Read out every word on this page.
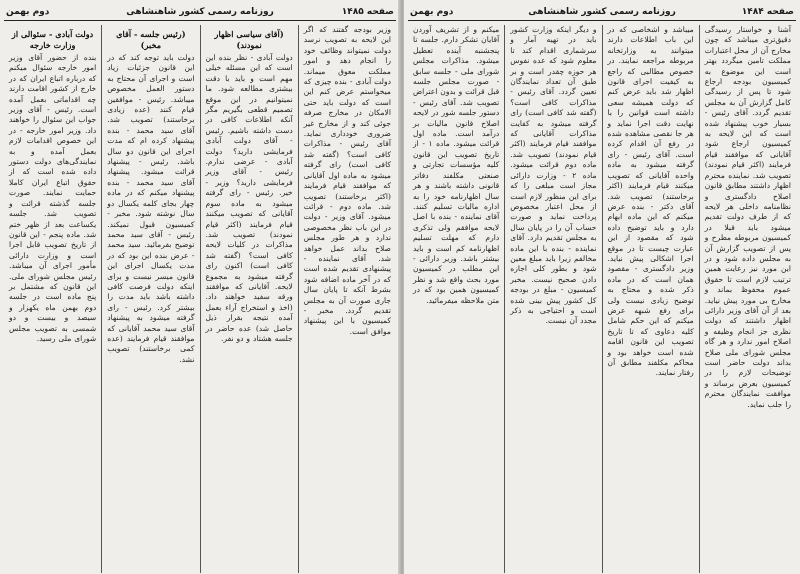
صفحه ۱۴۸۵
روزنامه رسمی کشور شاهنشاهی
دوم بهمن
وزیر بودجه گفتند که اگر این لایحه به تصویب نرسد دولت نمیتواند وظائف خود را انجام دهد و امور مملکت معوق میماند. دولت آبادی - بنده چیزی که میخواستم عرض کنم این است که دولت باید حتی الامکان در مخارج صرفه جوئی کند و از مخارج غیر ضروری خودداری نماید. آقای رئیس - مذاکرات کافی است؟ (گفته شد کافی است) رای گرفته میشود به ماده اول آقایانی که موافقند قیام فرمایند (اکثر برخاستند) تصویب شد. ماده دوم - قرائت میشود. آقای وزیر - دولت در این باب نظر مخصوصی ندارد و هر طور مجلس صلاح بداند عمل خواهد شد. آقای نماینده - پیشنهادی تقدیم شده است که در آخر ماده اضافه شود بشرط آنکه تا پایان سال جاری صورت آن به مجلس تقدیم گردد. مخبر - کمیسیون با این پیشنهاد موافق است.
(آقای سیاسی اظهار نمودند)
دولت آبادی - نظر بنده این است که این مسئله خیلی مهم است و باید با دقت بیشتری مطالعه شود. ما نمیتوانیم در این موقع تصمیم قطعی بگیریم مگر آنکه اطلاعات کافی در دست داشته باشیم. رئیس - آقای دولت آبادی فرمایشی دارید؟ دولت آبادی - عرضی ندارم. رئیس - آقای وزیر فرمایشی دارید؟ وزیر - خیر. رئیس - رای گرفته میشود به ماده سوم آقایانی که تصویب میکنند قیام فرمایند (اکثر قیام نمودند) تصویب شد. مذاکرات در کلیات لایحه کافی است؟ (گفته شد کافی است) اکنون رای گرفته میشود به مجموع لایحه. آقایانی که موافقند ورقه سفید خواهند داد. (اخذ و استخراج آراء بعمل آمده نتیجه بقرار ذیل حاصل شد) عده حاضر در جلسه هشتاد و دو نفر.
(رئیس جلسه - آقای مخبر)
دولت باید توجه کند که در این قانون جزئیات زیاد است و اجرای آن محتاج به دستور العمل مخصوص میباشد. رئیس - موافقین قیام کنند (عده زیادی برخاستند) تصویب شد. آقای سید محمد - بنده پیشنهاد کرده ام که مدت اجرای این قانون دو سال باشد. رئیس - پیشنهاد قرائت میشود. پیشنهاد آقای سید محمد - بنده پیشنهاد میکنم که در ماده چهار بجای کلمه یکسال دو سال نوشته شود. مخبر - کمیسیون قبول نمیکند. رئیس - آقای سید محمد توضیح بفرمائید. سید محمد - عرض بنده این بود که در مدت یکسال اجرای این قانون میسر نیست و برای اینکه دولت فرصت کافی داشته باشد باید مدت را بیشتر کرد. رئیس - رای گرفته میشود به پیشنهاد آقای سید محمد آقایانی که موافقند قیام فرمایند (عده کمی برخاستند) تصویب نشد.
دولت آبادی - سئوالی از وزارت خارجه
بنده از حضور آقای وزیر امور خارجه سئوال میکنم که درباره اتباع ایران که در خارج از کشور اقامت دارند چه اقداماتی بعمل آمده است. رئیس - آقای وزیر جواب این سئوال را خواهند داد. وزیر امور خارجه - در این خصوص اقدامات لازم بعمل آمده و به نمایندگی‌های دولت دستور داده شده است که از حقوق اتباع ایران کاملا حمایت نمایند. صورت جلسه گذشته قرائت و تصویب شد. جلسه یکساعت بعد از ظهر ختم شد. ماده پنجم - این قانون از تاریخ تصویب قابل اجرا است و وزارت دارائی مأمور اجرای آن میباشد. رئیس مجلس شورای ملی. این قانون که مشتمل بر پنج ماده است در جلسه دوم بهمن ماه یکهزار و سیصد و بیست و دو شمسی به تصویب مجلس شورای ملی رسید.
صفحه ۱۴۸۴
روزنامه رسمی کشور شاهنشاهی
دوم بهمن
آشنا و خواستار رسیدگی دقیق‌تری میباشد که چون مخارج آن از محل اعتبارات مملکت تامین میگردد بهتر است این موضوع به کمیسیون بودجه ارجاع شود تا پس از رسیدگی کامل گزارش آن به مجلس تقدیم گردد. آقای رئیس - بسیار خوب پیشنهاد شده است که این لایحه به کمیسیون ارجاع شود آقایانی که موافقند قیام فرمایند (اکثر قیام نمودند) تصویب شد. نماینده محترم اظهار داشتند مطابق قانون اصلاح دادگستری و نظامنامه داخلی هر لایحه که از طرف دولت تقدیم میشود باید قبلا در کمیسیون مربوطه مطرح و پس از تصویب گزارش آن به مجلس داده شود و در این مورد نیز رعایت همین ترتیب لازم است تا حقوق عموم محفوظ بماند و مخارج بی مورد پیش نیاید. بعد از آن آقای وزیر دارائی اظهار داشتند که دولت نظری جز انجام وظیفه و اصلاح امور ندارد و هر گاه مجلس شورای ملی صلاح بداند دولت حاضر است توضیحات لازم را در کمیسیون بعرض برساند و موافقت نمایندگان محترم را جلب نماید.
میباشد و اشخاصی که در این باب اطلاعات دارند میتوانند به وزارتخانه مربوطه مراجعه نمایند. در خصوص مطالبی که راجع به کیفیت اجرای قانون اظهار شد باید عرض کنم که دولت همیشه سعی داشته است قوانین را با نهایت دقت اجرا نماید و هر جا نقصی مشاهده شده در رفع آن اقدام کرده است. آقای رئیس - رای گرفته میشود به ماده واحده آقایانی که تصویب میکنند قیام فرمایند (اکثر برخاستند) تصویب شد. آقای دکتر - بنده عرض میکنم که این ماده ابهام دارد و باید توضیح داده شود که مقصود از این عبارت چیست تا در موقع اجرا اشکالی پیش نیاید. وزیر دادگستری - مقصود همان است که در ماده ذکر شده و محتاج به توضیح زیادی نیست ولی برای رفع شبهه عرض میکنم که این حکم شامل کلیه دعاوی که تا تاریخ تصویب این قانون اقامه شده است خواهد بود و محاکم مکلفند مطابق آن رفتار نمایند.
و دیگر اینکه وزارت کشور باید در تهیه آمار و سرشماری اقدام کند تا معلوم شود که عده نفوس هر حوزه چقدر است و بر طبق آن تعداد نمایندگان تعیین گردد. آقای رئیس - مذاکرات کافی است؟ (گفته شد کافی است) رای گرفته میشود به کفایت مذاکرات آقایانی که موافقند قیام فرمایند (اکثر قیام نمودند) تصویب شد. ماده دوم قرائت میشود. ماده ۲ - وزارت دارائی مجاز است مبلغی را که برای این منظور لازم است از محل اعتبار مخصوص پرداخت نماید و صورت حساب آن را در پایان سال به مجلس تقدیم دارد. آقای نماینده - بنده با این ماده مخالفم زیرا باید مبلغ معین شود و بطور کلی اجازه دادن صحیح نیست. مخبر کمیسیون - مبلغ در بودجه کل کشور پیش بینی شده است و احتیاجی به ذکر مجدد آن نیست.
میکنم و از تشریف آوردن آقایان تشکر دارم. جلسه تا پنجشنبه آینده تعطیل میشود. مذاکرات مجلس شورای ملی - جلسه سابق - صورت مجلس جلسه قبل قرائت و بدون اعتراض تصویب شد. آقای رئیس - دستور جلسه شور در لایحه اصلاح قانون مالیات بر درآمد است. ماده اول قرائت میشود. ماده ۱ - از تاریخ تصویب این قانون کلیه مؤسسات تجارتی و صنعتی مکلفند دفاتر قانونی داشته باشند و هر سال اظهارنامه خود را به اداره مالیات تسلیم کنند. آقای نماینده - بنده با اصل لایحه موافقم ولی تذکری دارم که مهلت تسلیم اظهارنامه کم است و باید بیشتر باشد. وزیر دارائی - این مطلب در کمیسیون مورد بحث واقع شد و نظر کمیسیون همین بود که در متن ملاحظه میفرمائید.
